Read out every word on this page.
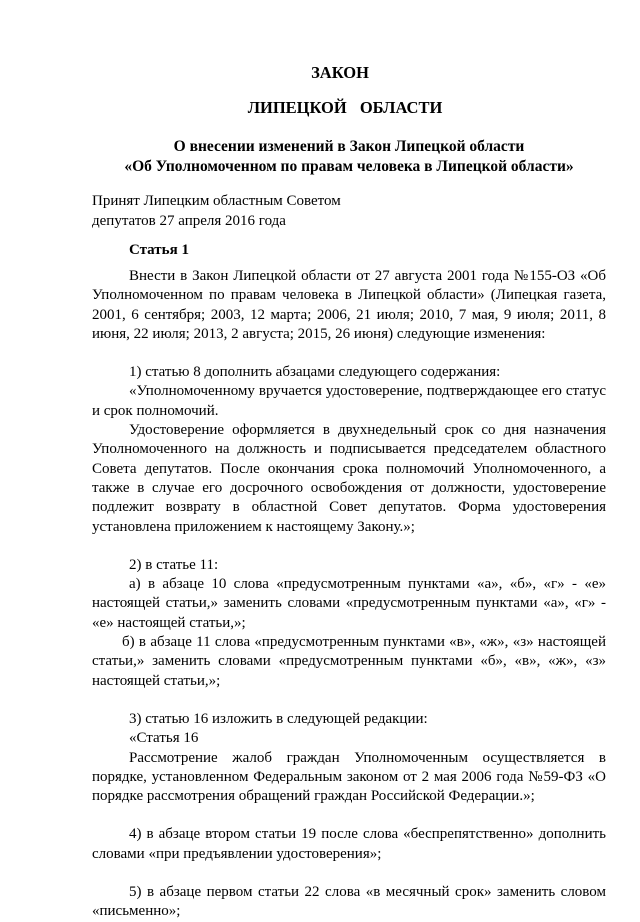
ЗАКОН
ЛИПЕЦКОЙ ОБЛАСТИ
О внесении изменений в Закон Липецкой области
«Об Уполномоченном по правам человека в Липецкой области»
Принят Липецким областным Советом
депутатов 27 апреля 2016 года
Статья 1

Внести в Закон Липецкой области от 27 августа 2001 года №155-ОЗ «Об Уполномоченном по правам человека в Липецкой области» (Липецкая газета, 2001, 6 сентября; 2003, 12 марта; 2006, 21 июля; 2010, 7 мая, 9 июля; 2011, 8 июня, 22 июля; 2013, 2 августа; 2015, 26 июня) следующие изменения:

1) статью 8 дополнить абзацами следующего содержания:

«Уполномоченному вручается удостоверение, подтверждающее его статус и срок полномочий.

Удостоверение оформляется в двухнедельный срок со дня назначения Уполномоченного на должность и подписывается председателем областного Совета депутатов. После окончания срока полномочий Уполномоченного, а также в случае его досрочного освобождения от должности, удостоверение подлежит возврату в областной Совет депутатов. Форма удостоверения установлена приложением к настоящему Закону.»;

2) в статье 11:

а) в абзаце 10 слова «предусмотренным пунктами «а», «б», «г» - «е» настоящей статьи,» заменить словами «предусмотренным пунктами «а», «г» - «е» настоящей статьи,»;

б) в абзаце 11 слова «предусмотренным пунктами «в», «ж», «з» настоящей статьи,» заменить словами «предусмотренным пунктами «б», «в», «ж», «з» настоящей статьи,»;

3) статью 16 изложить в следующей редакции:

«Статья 16

Рассмотрение жалоб граждан Уполномоченным осуществляется в порядке, установленном Федеральным законом от 2 мая 2006 года №59-ФЗ «О порядке рассмотрения обращений граждан Российской Федерации.»;

4) в абзаце втором статьи 19 после слова «беспрепятственно» дополнить словами «при предъявлении удостоверения»;

5) в абзаце первом статьи 22 слова «в месячный срок» заменить словом «письменно»;
